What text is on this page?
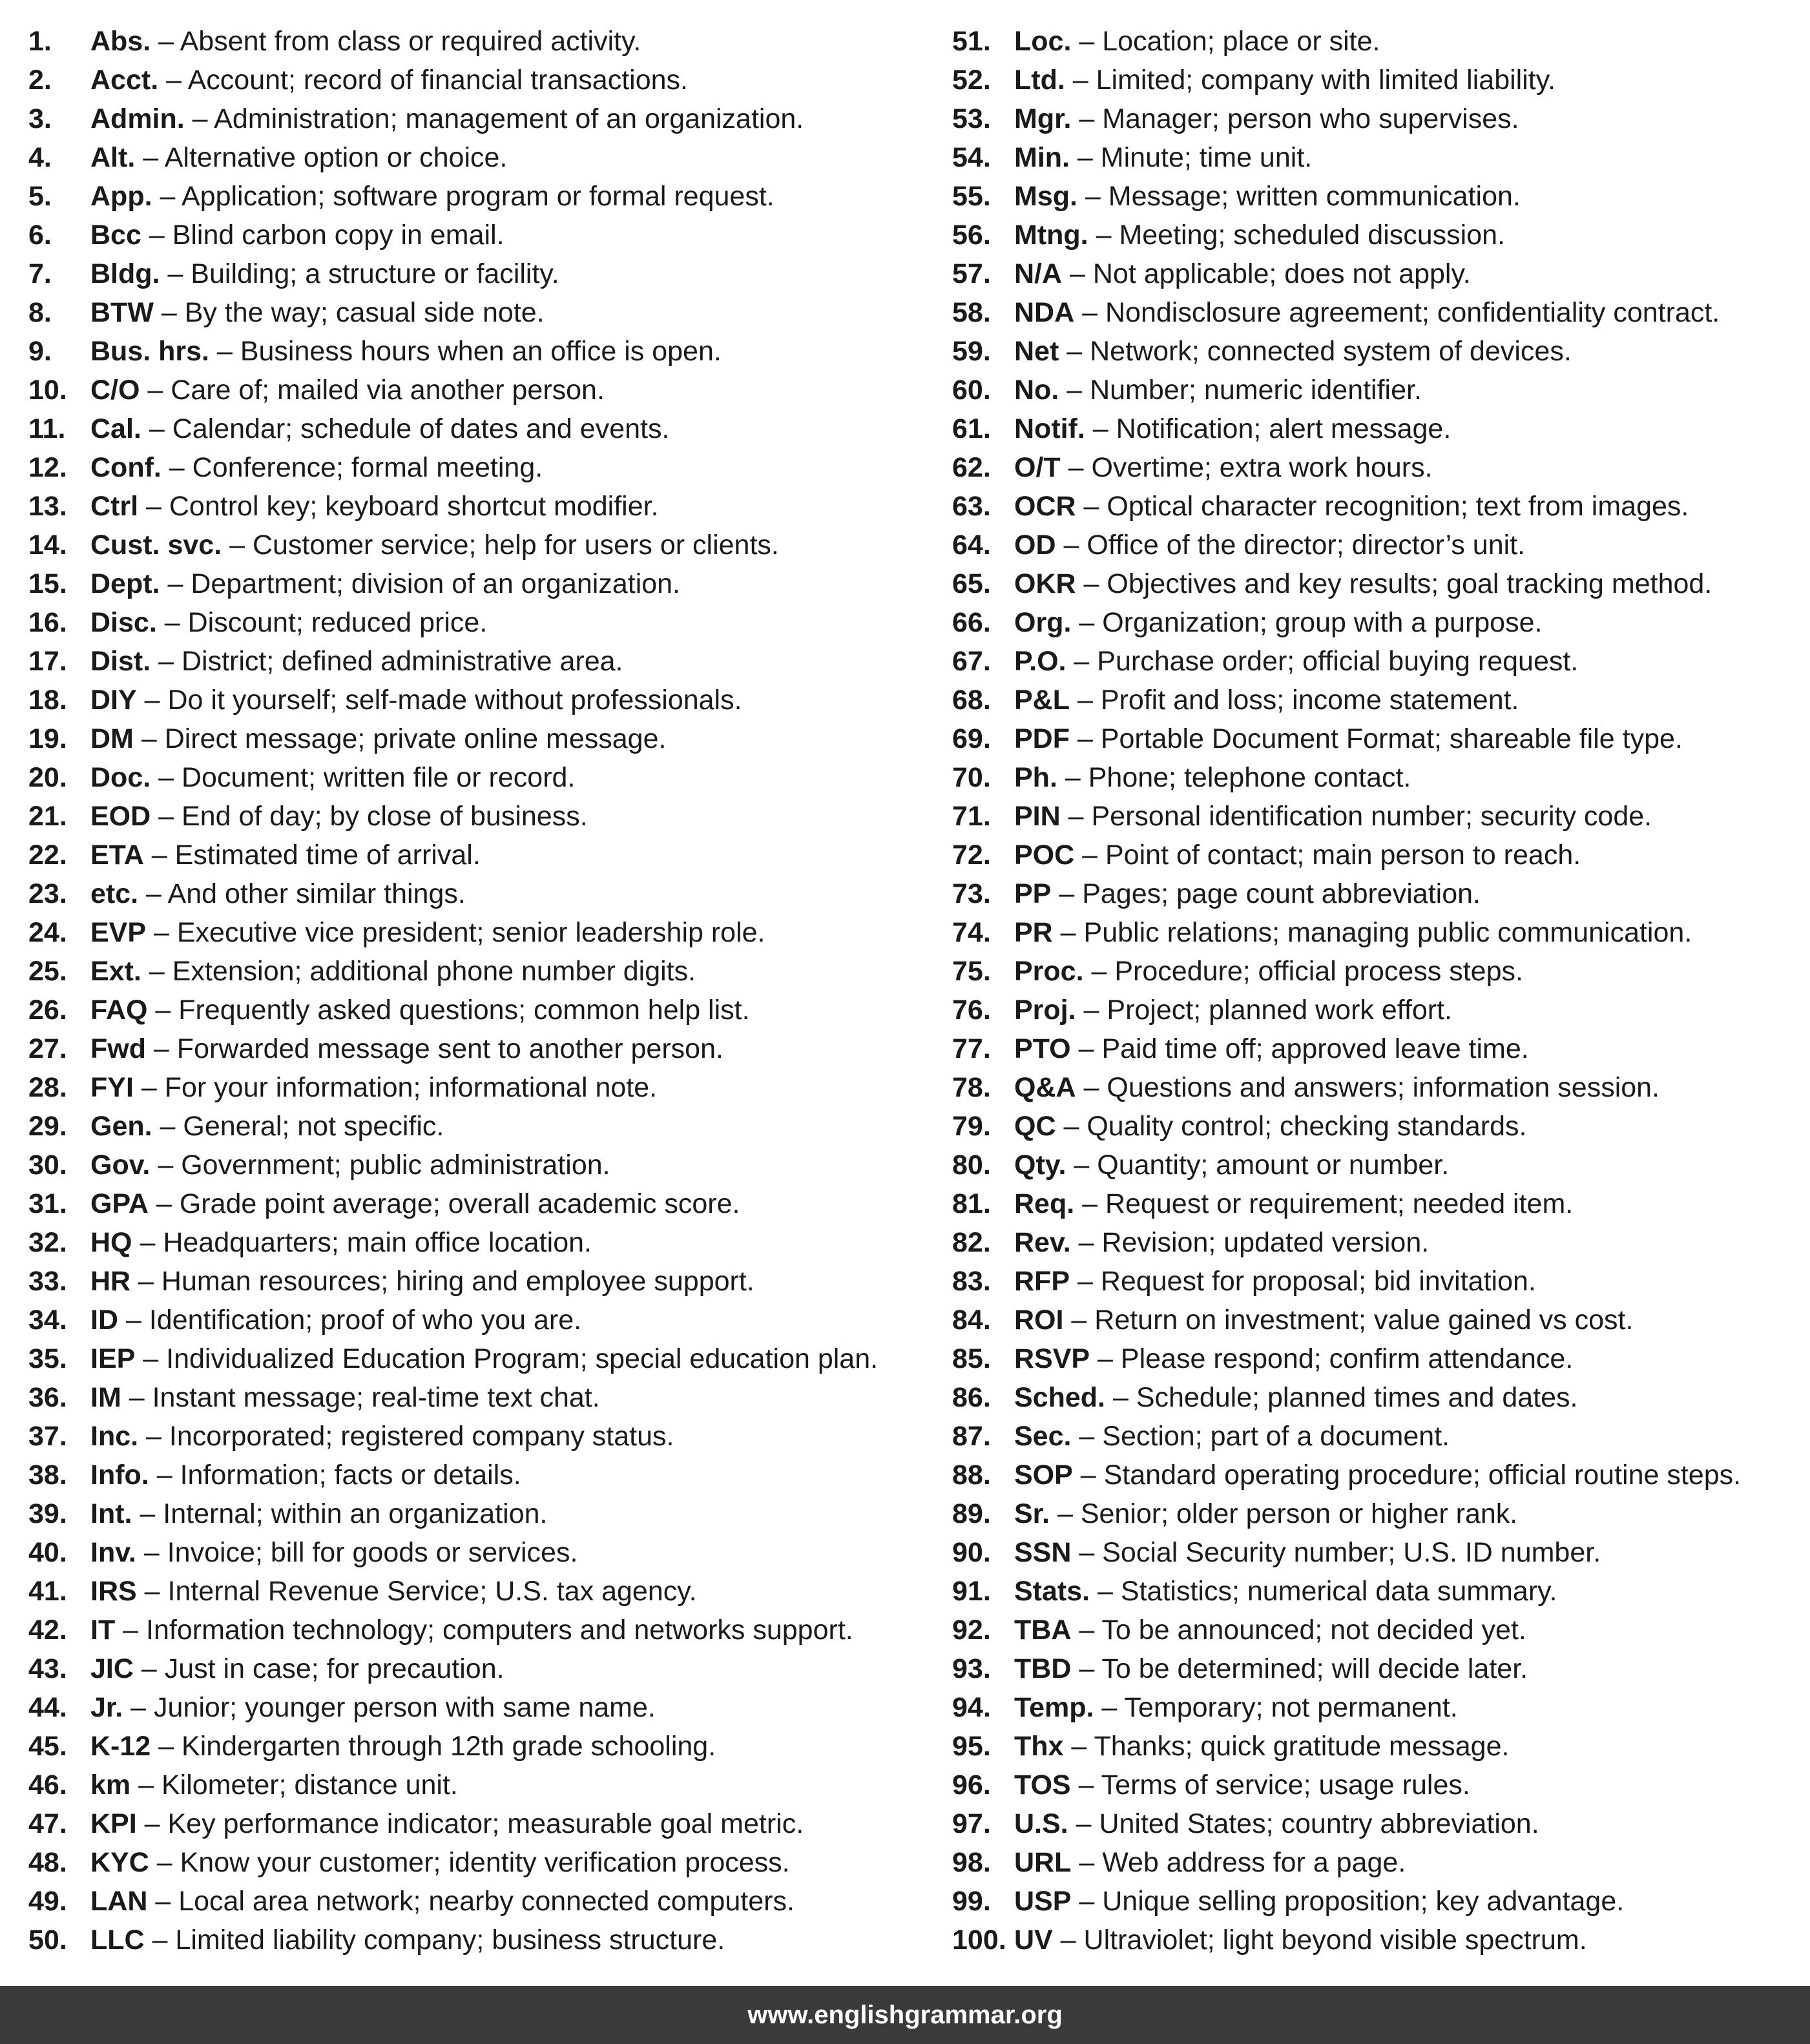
1. Abs. – Absent from class or required activity.
2. Acct. – Account; record of financial transactions.
3. Admin. – Administration; management of an organization.
4. Alt. – Alternative option or choice.
5. App. – Application; software program or formal request.
6. Bcc – Blind carbon copy in email.
7. Bldg. – Building; a structure or facility.
8. BTW – By the way; casual side note.
9. Bus. hrs. – Business hours when an office is open.
10. C/O – Care of; mailed via another person.
11. Cal. – Calendar; schedule of dates and events.
12. Conf. – Conference; formal meeting.
13. Ctrl – Control key; keyboard shortcut modifier.
14. Cust. svc. – Customer service; help for users or clients.
15. Dept. – Department; division of an organization.
16. Disc. – Discount; reduced price.
17. Dist. – District; defined administrative area.
18. DIY – Do it yourself; self-made without professionals.
19. DM – Direct message; private online message.
20. Doc. – Document; written file or record.
21. EOD – End of day; by close of business.
22. ETA – Estimated time of arrival.
23. etc. – And other similar things.
24. EVP – Executive vice president; senior leadership role.
25. Ext. – Extension; additional phone number digits.
26. FAQ – Frequently asked questions; common help list.
27. Fwd – Forwarded message sent to another person.
28. FYI – For your information; informational note.
29. Gen. – General; not specific.
30. Gov. – Government; public administration.
31. GPA – Grade point average; overall academic score.
32. HQ – Headquarters; main office location.
33. HR – Human resources; hiring and employee support.
34. ID – Identification; proof of who you are.
35. IEP – Individualized Education Program; special education plan.
36. IM – Instant message; real-time text chat.
37. Inc. – Incorporated; registered company status.
38. Info. – Information; facts or details.
39. Int. – Internal; within an organization.
40. Inv. – Invoice; bill for goods or services.
41. IRS – Internal Revenue Service; U.S. tax agency.
42. IT – Information technology; computers and networks support.
43. JIC – Just in case; for precaution.
44. Jr. – Junior; younger person with same name.
45. K-12 – Kindergarten through 12th grade schooling.
46. km – Kilometer; distance unit.
47. KPI – Key performance indicator; measurable goal metric.
48. KYC – Know your customer; identity verification process.
49. LAN – Local area network; nearby connected computers.
50. LLC – Limited liability company; business structure.
51. Loc. – Location; place or site.
52. Ltd. – Limited; company with limited liability.
53. Mgr. – Manager; person who supervises.
54. Min. – Minute; time unit.
55. Msg. – Message; written communication.
56. Mtng. – Meeting; scheduled discussion.
57. N/A – Not applicable; does not apply.
58. NDA – Nondisclosure agreement; confidentiality contract.
59. Net – Network; connected system of devices.
60. No. – Number; numeric identifier.
61. Notif. – Notification; alert message.
62. O/T – Overtime; extra work hours.
63. OCR – Optical character recognition; text from images.
64. OD – Office of the director; director’s unit.
65. OKR – Objectives and key results; goal tracking method.
66. Org. – Organization; group with a purpose.
67. P.O. – Purchase order; official buying request.
68. P&L – Profit and loss; income statement.
69. PDF – Portable Document Format; shareable file type.
70. Ph. – Phone; telephone contact.
71. PIN – Personal identification number; security code.
72. POC – Point of contact; main person to reach.
73. PP – Pages; page count abbreviation.
74. PR – Public relations; managing public communication.
75. Proc. – Procedure; official process steps.
76. Proj. – Project; planned work effort.
77. PTO – Paid time off; approved leave time.
78. Q&A – Questions and answers; information session.
79. QC – Quality control; checking standards.
80. Qty. – Quantity; amount or number.
81. Req. – Request or requirement; needed item.
82. Rev. – Revision; updated version.
83. RFP – Request for proposal; bid invitation.
84. ROI – Return on investment; value gained vs cost.
85. RSVP – Please respond; confirm attendance.
86. Sched. – Schedule; planned times and dates.
87. Sec. – Section; part of a document.
88. SOP – Standard operating procedure; official routine steps.
89. Sr. – Senior; older person or higher rank.
90. SSN – Social Security number; U.S. ID number.
91. Stats. – Statistics; numerical data summary.
92. TBA – To be announced; not decided yet.
93. TBD – To be determined; will decide later.
94. Temp. – Temporary; not permanent.
95. Thx – Thanks; quick gratitude message.
96. TOS – Terms of service; usage rules.
97. U.S. – United States; country abbreviation.
98. URL – Web address for a page.
99. USP – Unique selling proposition; key advantage.
100. UV – Ultraviolet; light beyond visible spectrum.
www.englishgrammar.org
